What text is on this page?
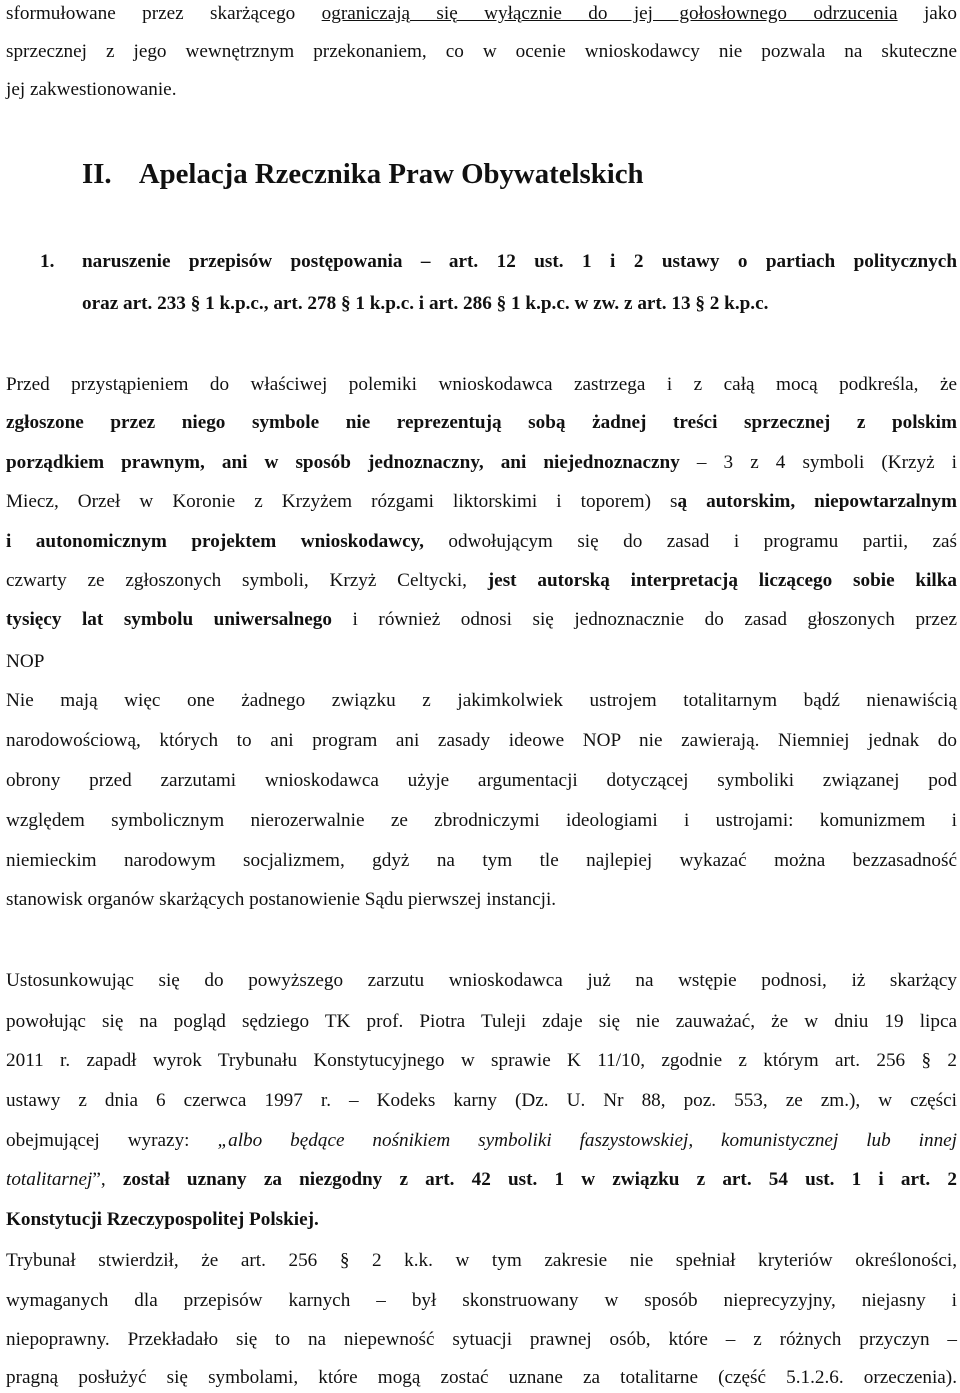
sformułowane przez skarżącego ograniczają się wyłącznie do jej gołosłownego odrzucenia jako
sprzecznej z jego wewnętrznym przekonaniem, co w ocenie wnioskodawcy nie pozwala na skuteczne
jej zakwestionowanie.
II. Apelacja Rzecznika Praw Obywatelskich
1. naruszenie przepisów postępowania – art. 12 ust. 1 i 2 ustawy o partiach politycznych
oraz art. 233 § 1 k.p.c., art. 278 § 1 k.p.c. i art. 286 § 1 k.p.c. w zw. z art. 13 § 2 k.p.c.
Przed przystąpieniem do właściwej polemiki wnioskodawca zastrzega i z całą mocą podkreśla, że
zgłoszone przez niego symbole nie reprezentują sobą żadnej treści sprzecznej z polskim
porządkiem prawnym, ani w sposób jednoznaczny, ani niejednoznaczny – 3 z 4 symboli (Krzyż i
Miecz, Orzeł w Koronie z Krzyżem rózgami liktorskimi i toporem) są autorskim, niepowtarzalnym
i autonomicznym projektem wnioskodawcy, odwołującym się do zasad i programu partii, zaś
czwarty ze zgłoszonych symboli, Krzyż Celtycki, jest autorską interpretacją liczącego sobie kilka
tysięcy lat symbolu uniwersalnego i również odnosi się jednoznacznie do zasad głoszonych przez
NOP
Nie mają więc one żadnego związku z jakimkolwiek ustrojem totalitarnym bądź nienawiścią
narodowościową, których to ani program ani zasady ideowe NOP nie zawierają. Niemniej jednak do
obrony przed zarzutami wnioskodawca użyje argumentacji dotyczącej symboliki związanej pod
względem symbolicznym nierozerwalnie ze zbrodniczymi ideologiami i ustrojami: komunizmem i
niemieckim narodowym socjalizmem, gdyż na tym tle najlepiej wykazać można bezzasadność
stanowisk organów skarżących postanowienie Sądu pierwszej instancji.
Ustosunkowując się do powyższego zarzutu wnioskodawca już na wstępie podnosi, iż skarżący
powołując się na pogląd sędziego TK prof. Piotra Tuleji zdaje się nie zauważać, że w dniu 19 lipca
2011 r. zapadł wyrok Trybunału Konstytucyjnego w sprawie K 11/10, zgodnie z którym art. 256 § 2
ustawy z dnia 6 czerwca 1997 r. – Kodeks karny (Dz. U. Nr 88, poz. 553, ze zm.), w części
obejmującej wyrazy: „albo będące nośnikiem symboliki faszystowskiej, komunistycznej lub innej
totalitarnej”, został uznany za niezgodny z art. 42 ust. 1 w związku z art. 54 ust. 1 i art. 2
Konstytucji Rzeczypospolitej Polskiej.
Trybunał stwierdził, że art. 256 § 2 k.k. w tym zakresie nie spełniał kryteriów określoności,
wymaganych dla przepisów karnych – był skonstruowany w sposób nieprecyzyjny, niejasny i
niepoprawny. Przekładało się to na niepewność sytuacji prawnej osób, które – z różnych przyczyn –
pragną posłużyć się symbolami, które mogą zostać uznane za totalitarne (część 5.1.2.6. orzeczenia).
